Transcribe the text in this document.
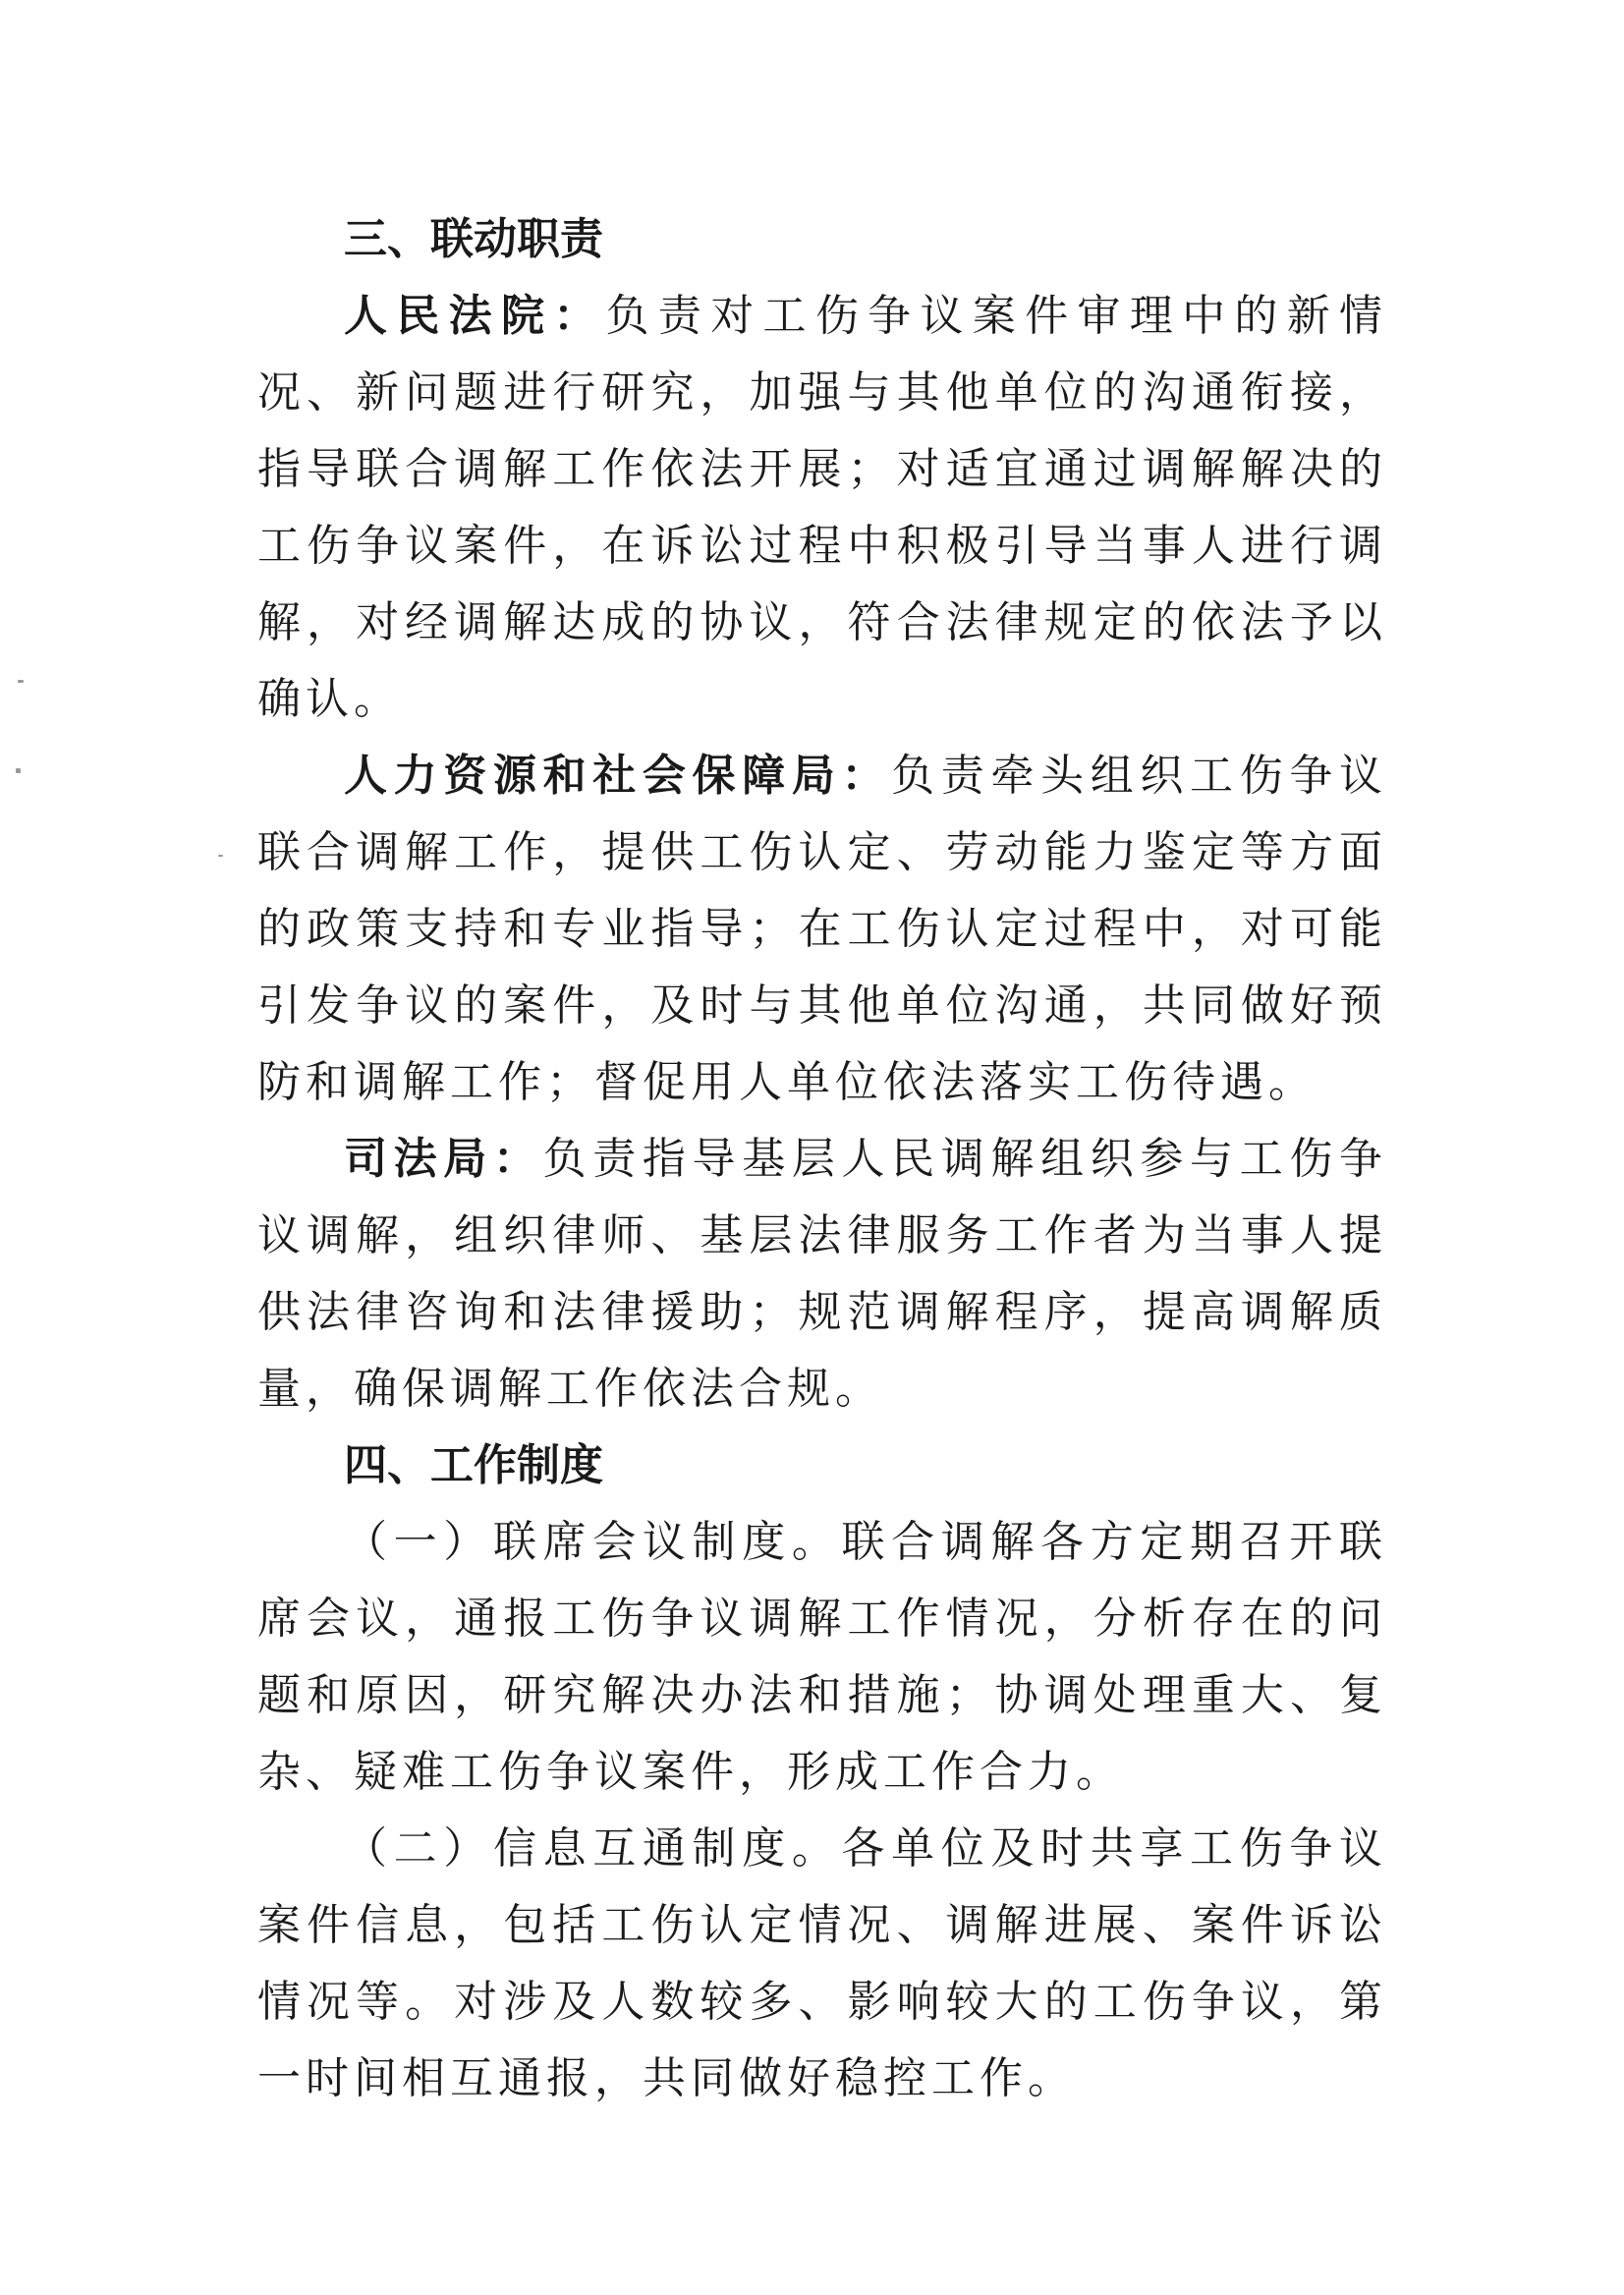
三、联动职责

人民法院：负责对工伤争议案件审理中的新情况、新问题进行研究，加强与其他单位的沟通衔接，指导联合调解工作依法开展；对适宜通过调解解决的工伤争议案件，在诉讼过程中积极引导当事人进行调解，对经调解达成的协议，符合法律规定的依法予以确认。

人力资源和社会保障局：负责牵头组织工伤争议联合调解工作，提供工伤认定、劳动能力鉴定等方面的政策支持和专业指导；在工伤认定过程中，对可能引发争议的案件，及时与其他单位沟通，共同做好预防和调解工作；督促用人单位依法落实工伤待遇。

司法局：负责指导基层人民调解组织参与工伤争议调解，组织律师、基层法律服务工作者为当事人提供法律咨询和法律援助；规范调解程序，提高调解质量，确保调解工作依法合规。

四、工作制度

（一）联席会议制度。联合调解各方定期召开联席会议，通报工伤争议调解工作情况，分析存在的问题和原因，研究解决办法和措施；协调处理重大、复杂、疑难工伤争议案件，形成工作合力。

（二）信息互通制度。各单位及时共享工伤争议案件信息，包括工伤认定情况、调解进展、案件诉讼情况等。对涉及人数较多、影响较大的工伤争议，第一时间相互通报，共同做好稳控工作。
